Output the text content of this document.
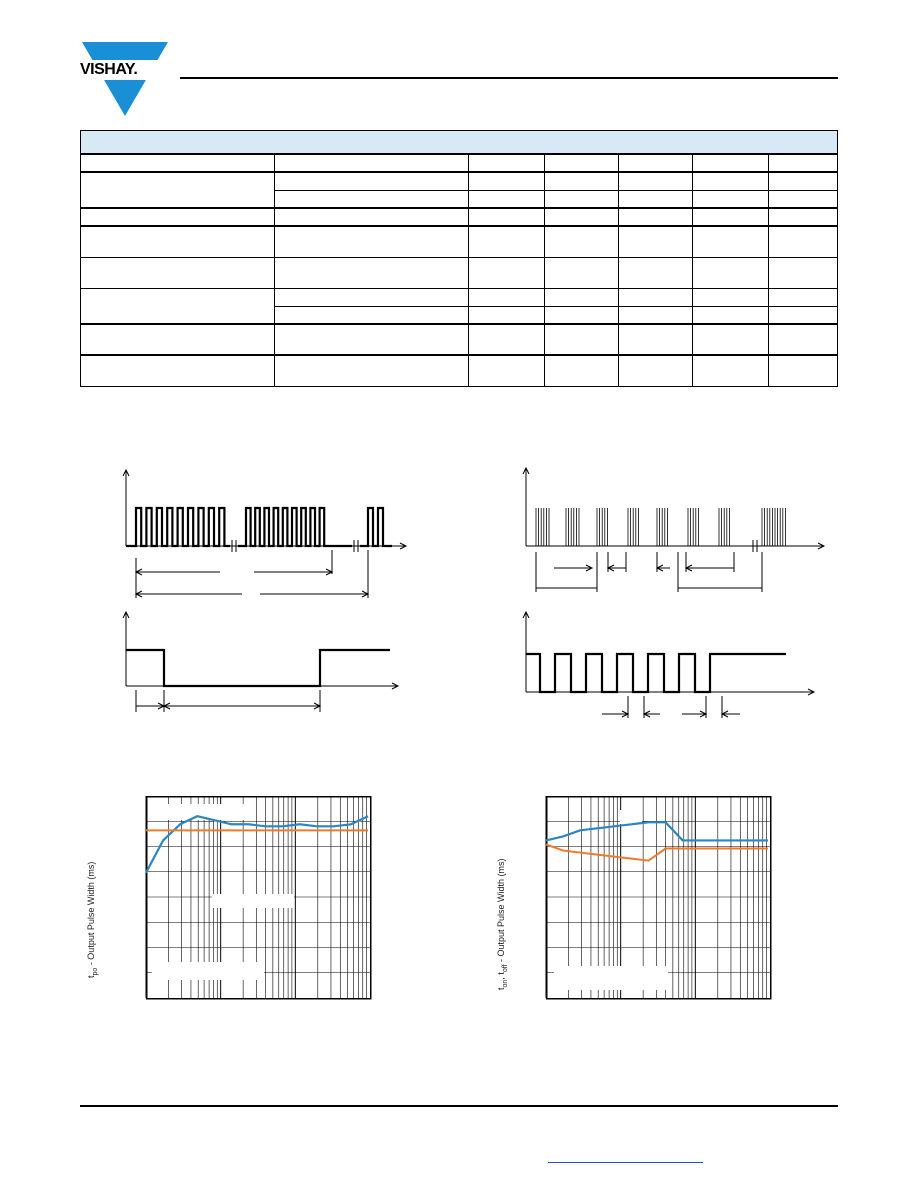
VISHAY.

$t_{po}$ - Output Pulse Width (ms)
$t_{on}$, $t_{off}$ - Output Pulse Width (ms)
